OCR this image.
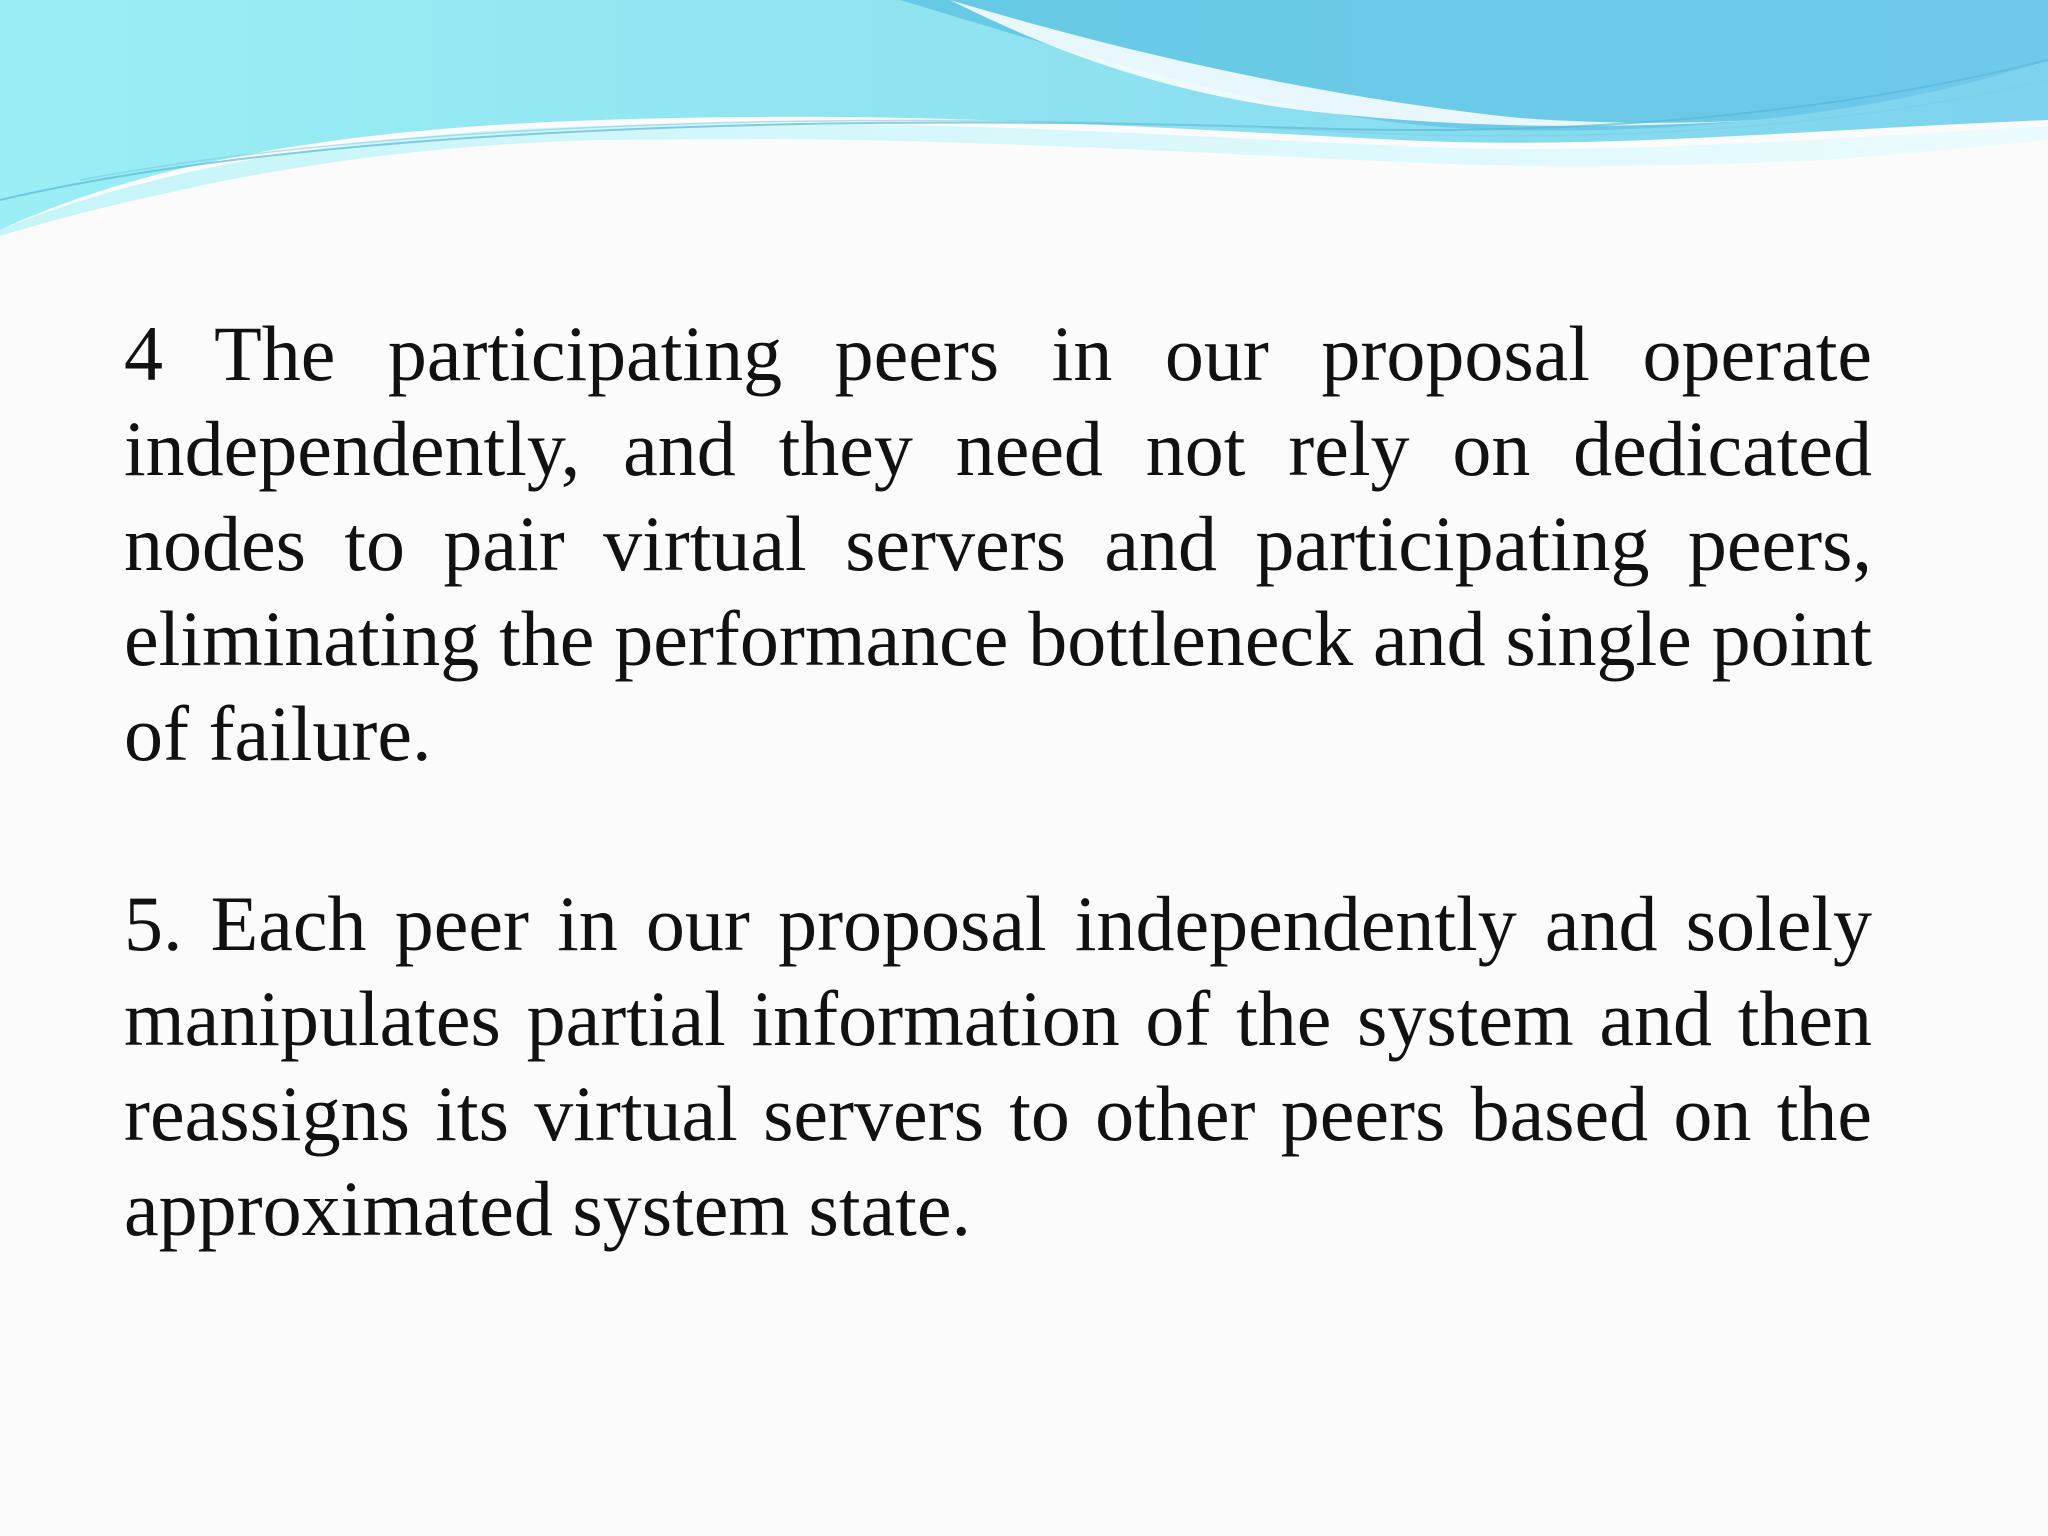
4 The participating peers in our proposal operate independently, and they need not rely on dedicated nodes to pair virtual servers and participating peers, eliminating the performance bottleneck and single point of failure.

5. Each peer in our proposal independently and solely manipulates partial information of the system and then reassigns its virtual servers to other peers based on the approximated system state.
